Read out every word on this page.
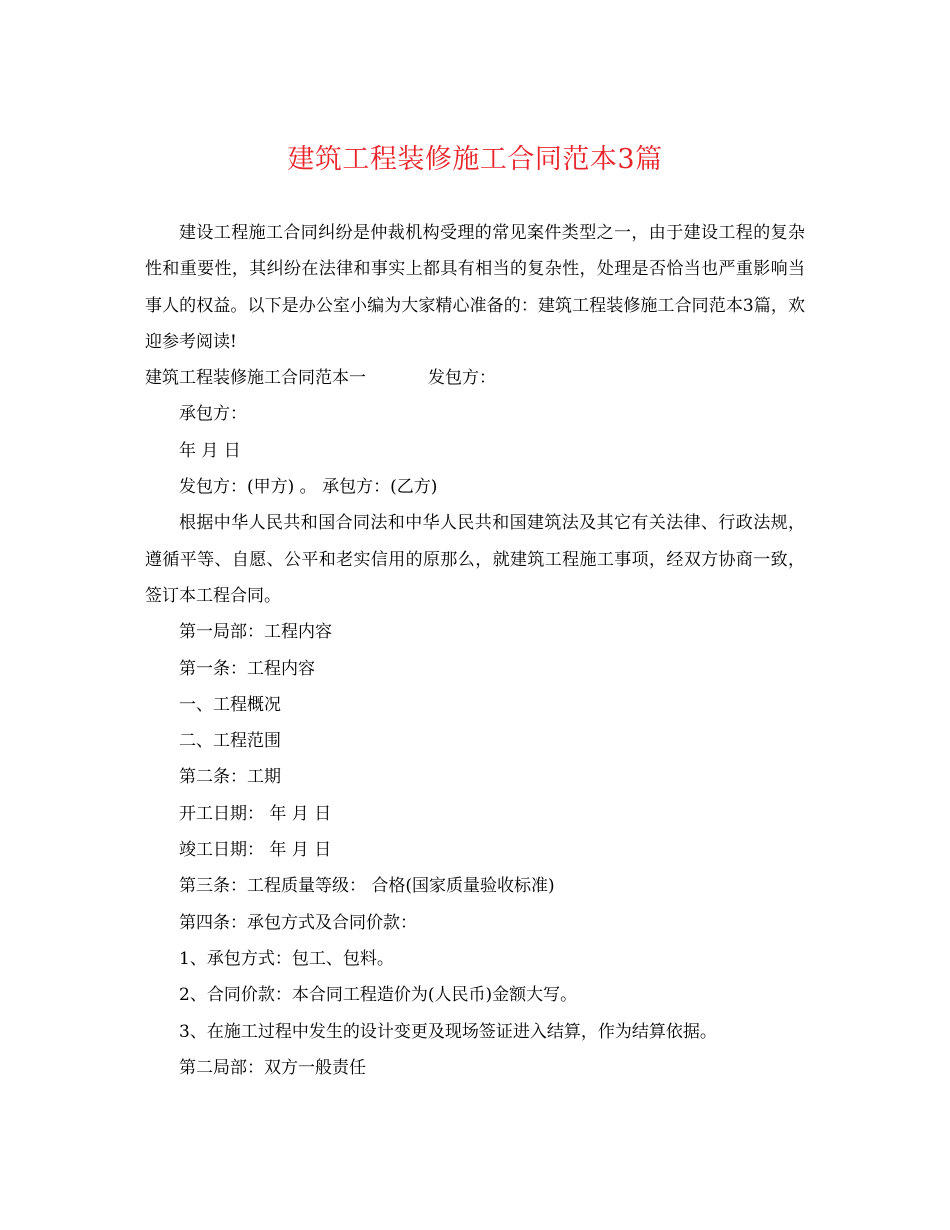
建筑工程装修施工合同范本3篇

建设工程施工合同纠纷是仲裁机构受理的常见案件类型之一，由于建设工程的复杂性和重要性，其纠纷在法律和事实上都具有相当的复杂性，处理是否恰当也严重影响当事人的权益。以下是办公室小编为大家精心准备的：建筑工程装修施工合同范本3篇，欢迎参考阅读!

建筑工程装修施工合同范本一	发包方：

承包方：

年 月 日

发包方：(甲方) 。 承包方：(乙方)

根据中华人民共和国合同法和中华人民共和国建筑法及其它有关法律、行政法规，遵循平等、自愿、公平和老实信用的原那么，就建筑工程施工事项，经双方协商一致，签订本工程合同。

第一局部：工程内容

第一条：工程内容

一、工程概况

二、工程范围

第二条：工期

开工日期： 年 月 日

竣工日期： 年 月 日

第三条：工程质量等级： 合格(国家质量验收标准)

第四条：承包方式及合同价款：

1、承包方式：包工、包料。

2、合同价款：本合同工程造价为(人民币)金额大写。

3、在施工过程中发生的设计变更及现场签证进入结算，作为结算依据。

第二局部：双方一般责任
